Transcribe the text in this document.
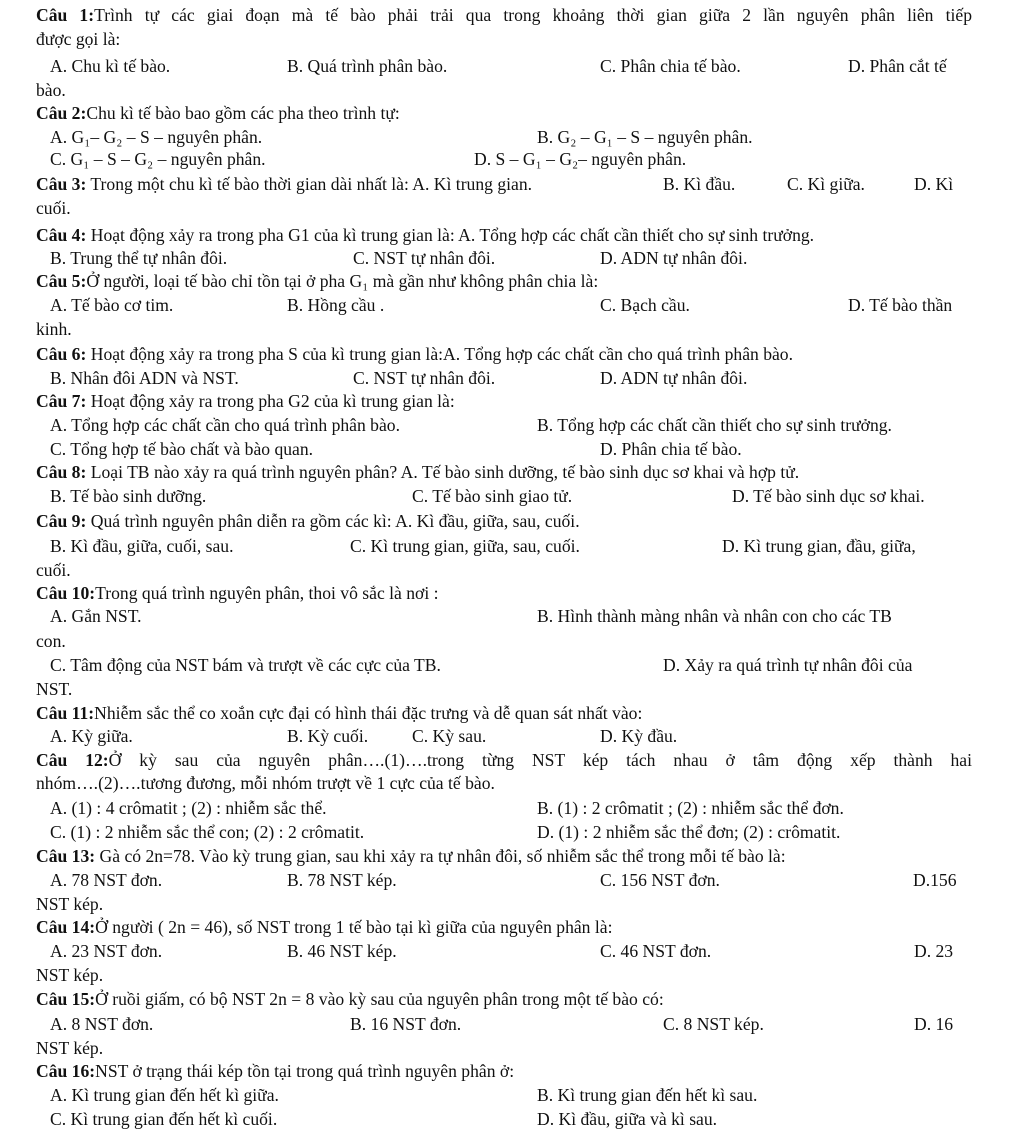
Câu 1:Trình tự các giai đoạn mà tế bào phải trải qua trong khoảng thời gian giữa 2 lần nguyên phân liên tiếp
được gọi là:
A. Chu kì tế bào.	B. Quá trình phân bào.	C. Phân chia tế bào.	D. Phân cắt tế
bào.
Câu 2:Chu kì tế bào bao gồm các pha theo trình tự:
A. G₁– G₂ – S – nguyên phân.	B. G₂ – G₁ – S – nguyên phân.
C. G₁ – S – G₂ – nguyên phân.	D. S – G₁ – G₂– nguyên phân.
Câu 3: Trong một chu kì tế bào thời gian dài nhất là: A. Kì trung gian.	B. Kì đầu.	C. Kì giữa.	D. Kì
cuối.
Câu 4: Hoạt động xảy ra trong pha G1 của kì trung gian là: A. Tổng hợp các chất cần thiết cho sự sinh trưởng.
B. Trung thể tự nhân đôi.	C. NST tự nhân đôi.	D. ADN tự nhân đôi.
Câu 5:Ở người, loại tế bào chỉ tồn tại ở pha G₁ mà gần như không phân chia là:
A. Tế bào cơ tim.	B. Hồng cầu .	C. Bạch cầu.	D. Tế bào thần
kinh.
Câu 6: Hoạt động xảy ra trong pha S của kì trung gian là:A. Tổng hợp các chất cần cho quá trình phân bào.
B. Nhân đôi ADN và NST.	C. NST tự nhân đôi.	D. ADN tự nhân đôi.
Câu 7: Hoạt động xảy ra trong pha G2 của kì trung gian là:
A. Tổng hợp các chất cần cho quá trình phân bào.	B. Tổng hợp các chất cần thiết cho sự sinh trưởng.
C. Tổng hợp tế bào chất và bào quan.	D. Phân chia tế bào.
Câu 8: Loại TB nào xảy ra quá trình nguyên phân? A. Tế bào sinh dưỡng, tế bào sinh dục sơ khai và hợp tử.
B. Tế bào sinh dưỡng.	C. Tế bào sinh giao tử.	D. Tế bào sinh dục sơ khai.
Câu 9: Quá trình nguyên phân diễn ra gồm các kì: A. Kì đầu, giữa, sau, cuối.
B. Kì đầu, giữa, cuối, sau.	C. Kì trung gian, giữa, sau, cuối.	D. Kì trung gian, đầu, giữa,
cuối.
Câu 10:Trong quá trình nguyên phân, thoi vô sắc là nơi :
A. Gắn NST.	B. Hình thành màng nhân và nhân con cho các TB
con.
C. Tâm động của NST bám và trượt về các cực của TB.	D. Xảy ra quá trình tự nhân đôi của
NST.
Câu 11:Nhiễm sắc thể co xoắn cực đại có hình thái đặc trưng và dễ quan sát nhất vào:
A. Kỳ giữa.	B. Kỳ cuối. C. Kỳ sau.	D. Kỳ đầu.
Câu 12:Ở kỳ sau của nguyên phân….(1)….trong từng NST kép tách nhau ở tâm động xếp thành hai
nhóm….(2)….tương đương, mỗi nhóm trượt về 1 cực của tế bào.
A. (1) : 4 crômatit ; (2) : nhiễm sắc thể.	B. (1) : 2 crômatit ; (2) : nhiễm sắc thể đơn.
C. (1) : 2 nhiễm sắc thể con; (2) : 2 crômatit.	D. (1) : 2 nhiễm sắc thể đơn; (2) : crômatit.
Câu 13: Gà có 2n=78. Vào kỳ trung gian, sau khi xảy ra tự nhân đôi, số nhiễm sắc thể trong mỗi tế bào là:
A. 78 NST đơn.	B. 78 NST kép.	C. 156 NST đơn.	D.156
NST kép.
Câu 14:Ở người ( 2n = 46), số NST trong 1 tế bào tại kì giữa của nguyên phân là:
A. 23 NST đơn.	B. 46 NST kép.	C. 46 NST đơn.	D. 23
NST kép.
Câu 15:Ở ruồi giấm, có bộ NST 2n = 8 vào kỳ sau của nguyên phân trong một tế bào có:
A. 8 NST đơn.	B. 16 NST đơn.	C. 8 NST kép.	D. 16
NST kép.
Câu 16:NST ở trạng thái kép tồn tại trong quá trình nguyên phân ở:
A. Kì trung gian đến hết kì giữa.	B. Kì trung gian đến hết kì sau.
C. Kì trung gian đến hết kì cuối.	D. Kì đầu, giữa và kì sau.
